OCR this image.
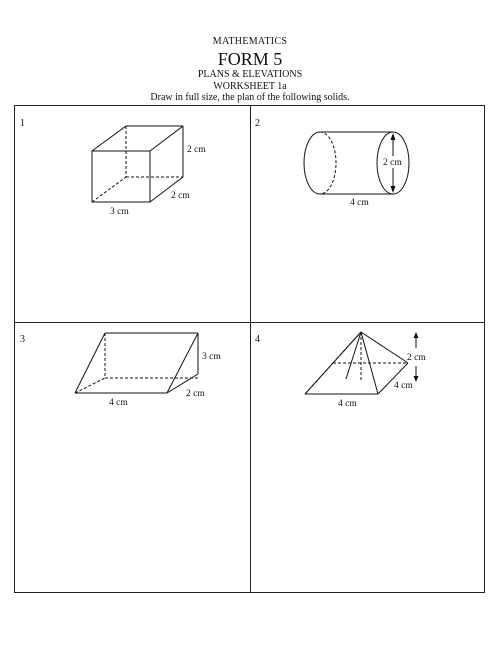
MATHEMATICS
FORM 5
PLANS & ELEVATIONS
WORKSHEET 1a
Draw in full size, the plan of the following solids.
1
2 cm
2 cm
3 cm
2
2 cm
4 cm
3
3 cm
2 cm
4 cm
4
2 cm
4 cm
4 cm
